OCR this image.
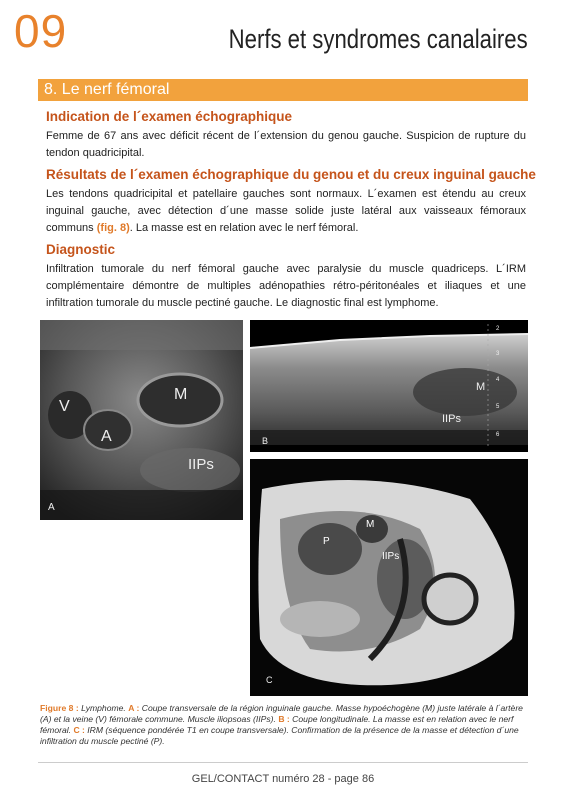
09	Nerfs et syndromes canalaires
8. Le nerf fémoral
Indication de l´examen échographique
Femme de 67 ans avec déficit récent de l´extension du genou gauche. Suspicion de rupture du tendon quadricipital.
Résultats de l´examen échographique du genou et du creux inguinal gauche
Les tendons quadricipital et patellaire gauches sont normaux. L´examen est étendu au creux inguinal gauche, avec détection d´une masse solide juste latéral aux vaisseaux fémoraux communs (fig. 8). La masse est en relation avec le nerf fémoral.
Diagnostic
Infiltration tumorale du nerf fémoral gauche avec paralysie du muscle quadriceps. L´IRM complémentaire démontre de multiples adénopathies rétro-péritonéales et iliaques et une infiltration tumorale du muscle pectiné gauche. Le diagnostic final est lymphome.
V
A
M
IIPs
A
2
3
4
5
6
M
IIPs
B
P
M
IIPs
C
Figure 8 : Lymphome. A : Coupe transversale de la région inguinale gauche. Masse hypoéchogène (M) juste latérale à l´artère (A) et la veine (V) fémorale commune. Muscle iliopsoas (IIPs). B : Coupe longitudinale. La masse est en relation avec le nerf fémoral. C : IRM (séquence pondérée T1 en coupe transversale). Confirmation de la présence de la masse et détection d´une infiltration du muscle pectiné (P).
GEL/CONTACT numéro 28 - page 86
